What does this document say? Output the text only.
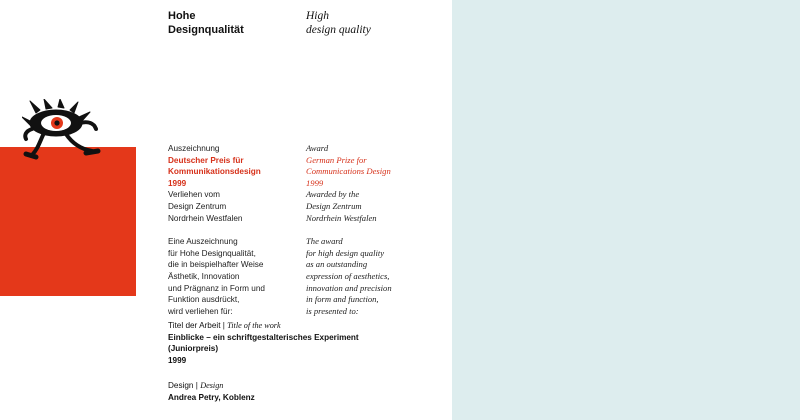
Hohe
Designqualität
High
design quality
Auszeichnung
Deutscher Preis für
Kommunikationsdesign
1999
Verliehen vom
Design Zentrum
Nordrhein Westfalen
Eine Auszeichnung
für Hohe Designqualität,
die in beispielhafter Weise
Ästhetik, Innovation
und Prägnanz in Form und
Funktion ausdrückt,
wird verliehen für:
Award
German Prize for
Communications Design
1999
Awarded by the
Design Zentrum
Nordrhein Westfalen
The award
for high design quality
as an outstanding
expression of aesthetics,
innovation and precision
in form and function,
is presented to:
Titel der Arbeit | Title of the work
Einblicke – ein schriftgestalterisches Experiment
(Juniorpreis)
1999
Design | Design
Andrea Petry, Koblenz
